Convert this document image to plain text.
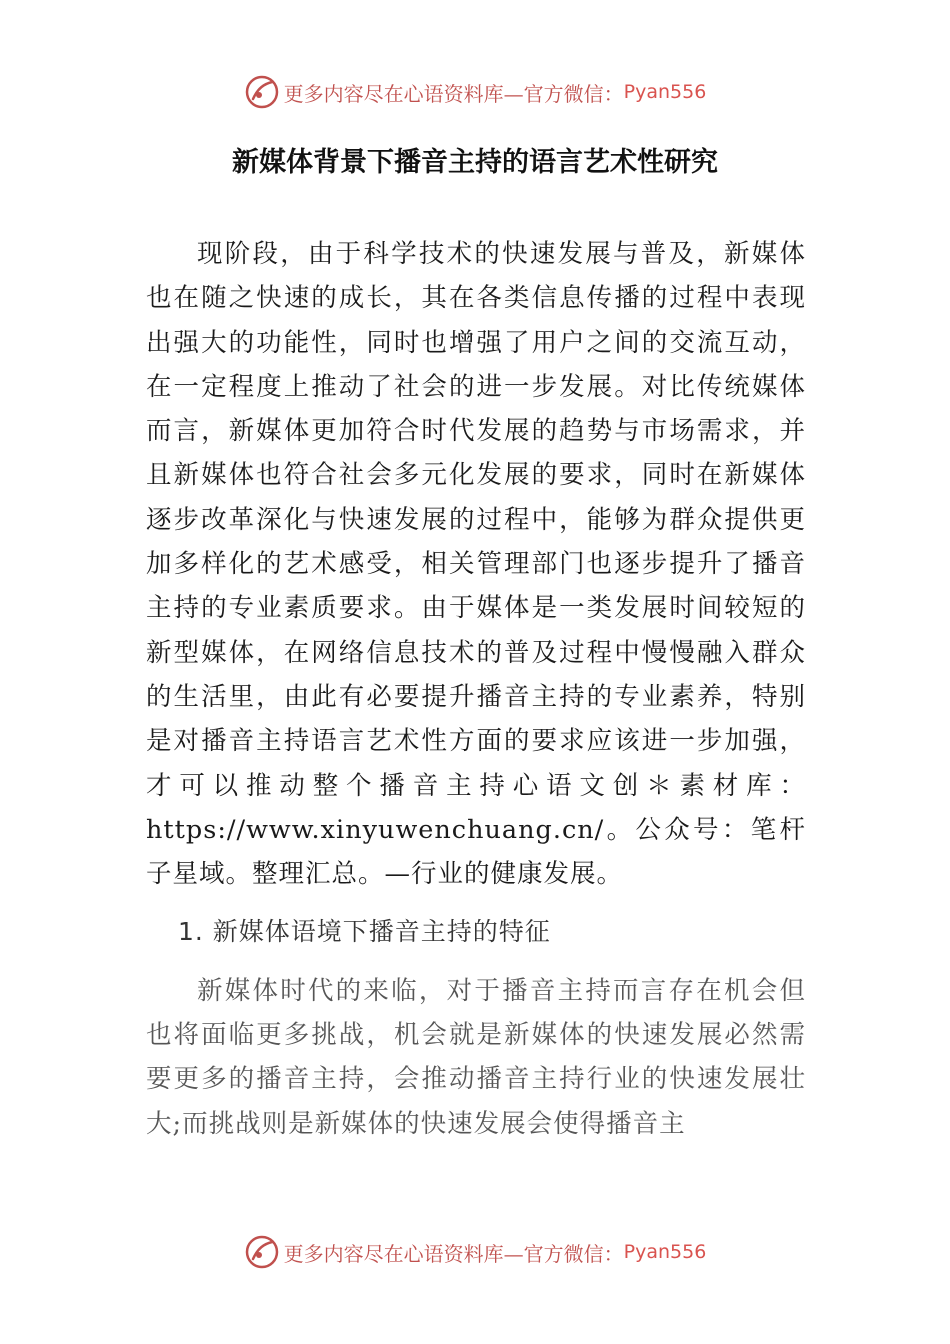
更多内容尽在心语资料库—官方微信： Pyan556
新媒体背景下播音主持的语言艺术性研究

现阶段，由于科学技术的快速发展与普及，新媒体也在随之快速的成长，其在各类信息传播的过程中表现出强大的功能性，同时也增强了用户之间的交流互动，在一定程度上推动了社会的进一步发展。对比传统媒体而言，新媒体更加符合时代发展的趋势与市场需求，并且新媒体也符合社会多元化发展的要求，同时在新媒体逐步改革深化与快速发展的过程中，能够为群众提供更加多样化的艺术感受，相关管理部门也逐步提升了播音主持的专业素质要求。由于媒体是一类发展时间较短的新型媒体，在网络信息技术的普及过程中慢慢融入群众的生活里，由此有必要提升播音主持的专业素养，特别是对播音主持语言艺术性方面的要求应该进一步加强，才可以推动整个播音主持心语文创＊素材库：https://www.xinyuwenchuang.cn/。公众号：笔杆子星域。整理汇总。—行业的健康发展。

1. 新媒体语境下播音主持的特征

新媒体时代的来临，对于播音主持而言存在机会但也将面临更多挑战，机会就是新媒体的快速发展必然需要更多的播音主持，会推动播音主持行业的快速发展壮大;而挑战则是新媒体的快速发展会使得播音主

更多内容尽在心语资料库—官方微信： Pyan556
